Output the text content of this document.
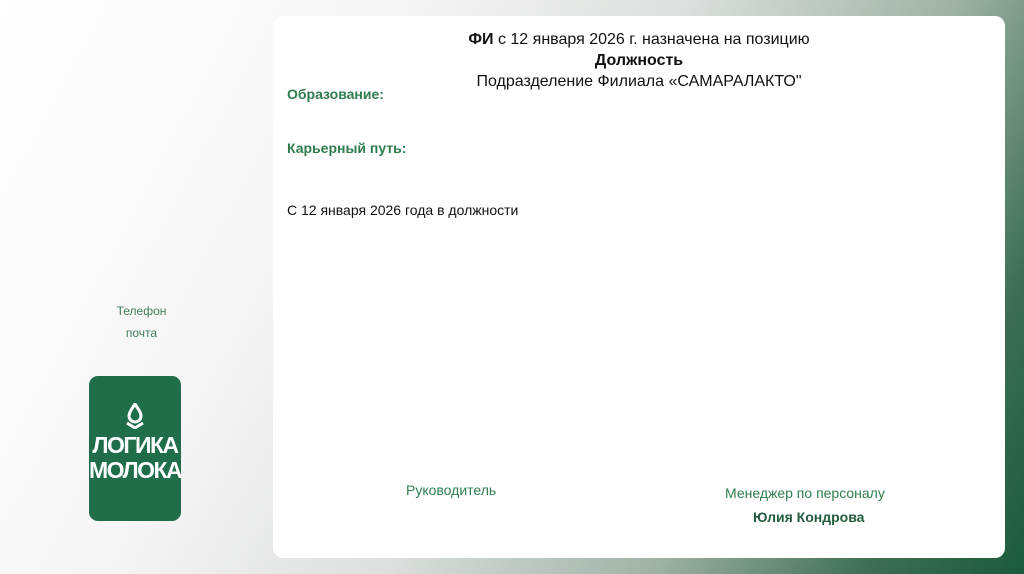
Телефон
почта
ЛОГИКА
МОЛОКА
ФИ с 12 января 2026 г. назначена на позицию
Должность
Подразделение Филиала «САМАРАЛАКТО"
Образование:
Карьерный путь:
С 12 января 2026 года в должности
Руководитель	Менеджер по персоналу
Юлия Кондрова
